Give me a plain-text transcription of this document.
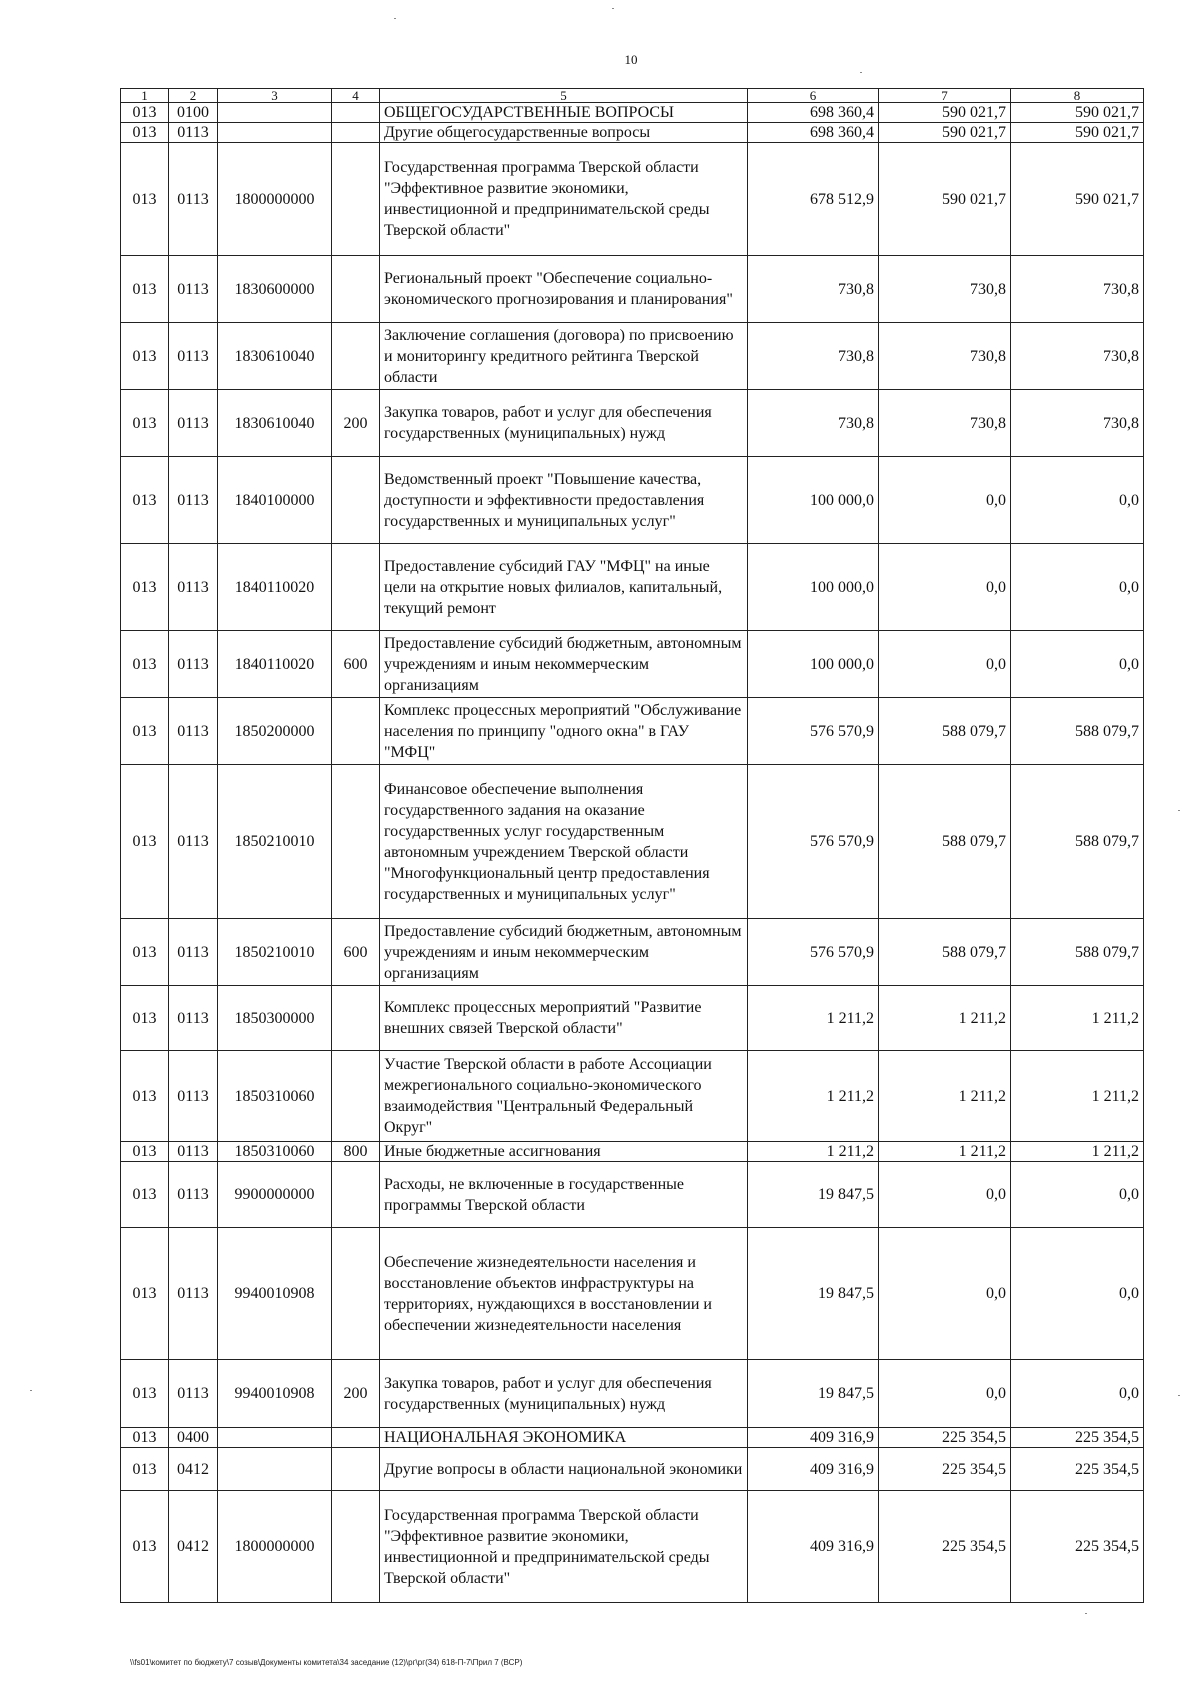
10
1	2	3	4	5	6	7	8
013	0100			ОБЩЕГОСУДАРСТВЕННЫЕ ВОПРОСЫ	698 360,4	590 021,7	590 021,7
013	0113			Другие общегосударственные вопросы	698 360,4	590 021,7	590 021,7
013	0113	1800000000		Государственная программа Тверской области "Эффективное развитие экономики, инвестиционной и предпринимательской среды Тверской области"	678 512,9	590 021,7	590 021,7
013	0113	1830600000		Региональный проект "Обеспечение социально-экономического прогнозирования и планирования"	730,8	730,8	730,8
013	0113	1830610040		Заключение соглашения (договора) по присвоению и мониторингу кредитного рейтинга Тверской области	730,8	730,8	730,8
013	0113	1830610040	200	Закупка товаров, работ и услуг для обеспечения государственных (муниципальных) нужд	730,8	730,8	730,8
013	0113	1840100000		Ведомственный проект "Повышение качества, доступности и эффективности предоставления государственных и муниципальных услуг"	100 000,0	0,0	0,0
013	0113	1840110020		Предоставление субсидий ГАУ "МФЦ" на иные цели на открытие новых филиалов, капитальный, текущий ремонт	100 000,0	0,0	0,0
013	0113	1840110020	600	Предоставление субсидий бюджетным, автономным учреждениям и иным некоммерческим организациям	100 000,0	0,0	0,0
013	0113	1850200000		Комплекс процессных мероприятий "Обслуживание населения по принципу "одного окна" в ГАУ "МФЦ"	576 570,9	588 079,7	588 079,7
013	0113	1850210010		Финансовое обеспечение выполнения государственного задания на оказание государственных услуг государственным автономным учреждением Тверской области "Многофункциональный центр предоставления государственных и муниципальных услуг"	576 570,9	588 079,7	588 079,7
013	0113	1850210010	600	Предоставление субсидий бюджетным, автономным учреждениям и иным некоммерческим организациям	576 570,9	588 079,7	588 079,7
013	0113	1850300000		Комплекс процессных мероприятий "Развитие внешних связей Тверской области"	1 211,2	1 211,2	1 211,2
013	0113	1850310060		Участие Тверской области в работе Ассоциации межрегионального социально-экономического взаимодействия "Центральный Федеральный Округ"	1 211,2	1 211,2	1 211,2
013	0113	1850310060	800	Иные бюджетные ассигнования	1 211,2	1 211,2	1 211,2
013	0113	9900000000		Расходы, не включенные в государственные программы Тверской области	19 847,5	0,0	0,0
013	0113	9940010908		Обеспечение жизнедеятельности населения и восстановление объектов инфраструктуры на территориях, нуждающихся в восстановлении и обеспечении жизнедеятельности населения	19 847,5	0,0	0,0
013	0113	9940010908	200	Закупка товаров, работ и услуг для обеспечения государственных (муниципальных) нужд	19 847,5	0,0	0,0
013	0400			НАЦИОНАЛЬНАЯ ЭКОНОМИКА	409 316,9	225 354,5	225 354,5
013	0412			Другие вопросы в области национальной экономики	409 316,9	225 354,5	225 354,5
013	0412	1800000000		Государственная программа Тверской области "Эффективное развитие экономики, инвестиционной и предпринимательской среды Тверской области"	409 316,9	225 354,5	225 354,5
\\fs01\комитет по бюджету\7 созыв\Документы комитета\34 заседание (12)\рг\рг(34) 618-П-7\Прил 7 (ВСР)
